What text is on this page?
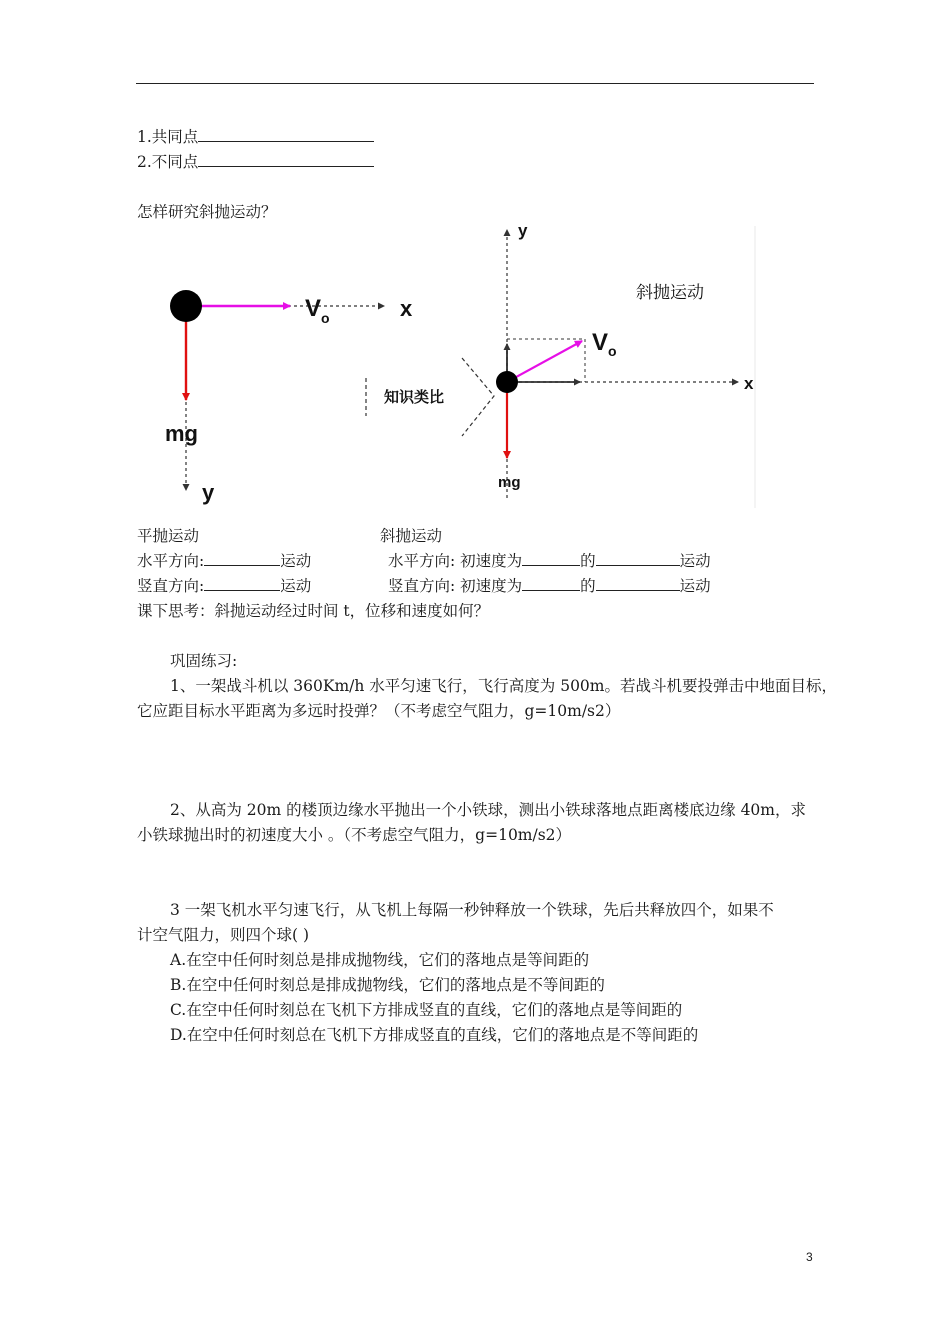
1.共同点
2.不同点
怎样研究斜抛运动？
$V_o$	x
y
mg
知识类比
$V_o$
x
y
mg
斜抛运动
平抛运动	斜抛运动
水平方向:	运动	水平方向: 初速度为	的	运动
竖直方向:	运动	竖直方向: 初速度为	的	运动
课下思考：斜抛运动经过时间 t，位移和速度如何？
巩固练习:
1、一架战斗机以 360Km/h 水平匀速飞行，飞行高度为 500m。若战斗机要投弹击中地面目标，
它应距目标水平距离为多远时投弹？（不考虑空气阻力，g=10m/s2）
2、从高为 20m 的楼顶边缘水平抛出一个小铁球，测出小铁球落地点距离楼底边缘 40m，求
小铁球抛出时的初速度大小 。（不考虑空气阻力，g=10m/s2）
3 一架飞机水平匀速飞行，从飞机上每隔一秒钟释放一个铁球，先后共释放四个，如果不
计空气阻力，则四个球( )
A.在空中任何时刻总是排成抛物线，它们的落地点是等间距的
B.在空中任何时刻总是排成抛物线，它们的落地点是不等间距的
C.在空中任何时刻总在飞机下方排成竖直的直线，它们的落地点是等间距的
D.在空中任何时刻总在飞机下方排成竖直的直线，它们的落地点是不等间距的
3
